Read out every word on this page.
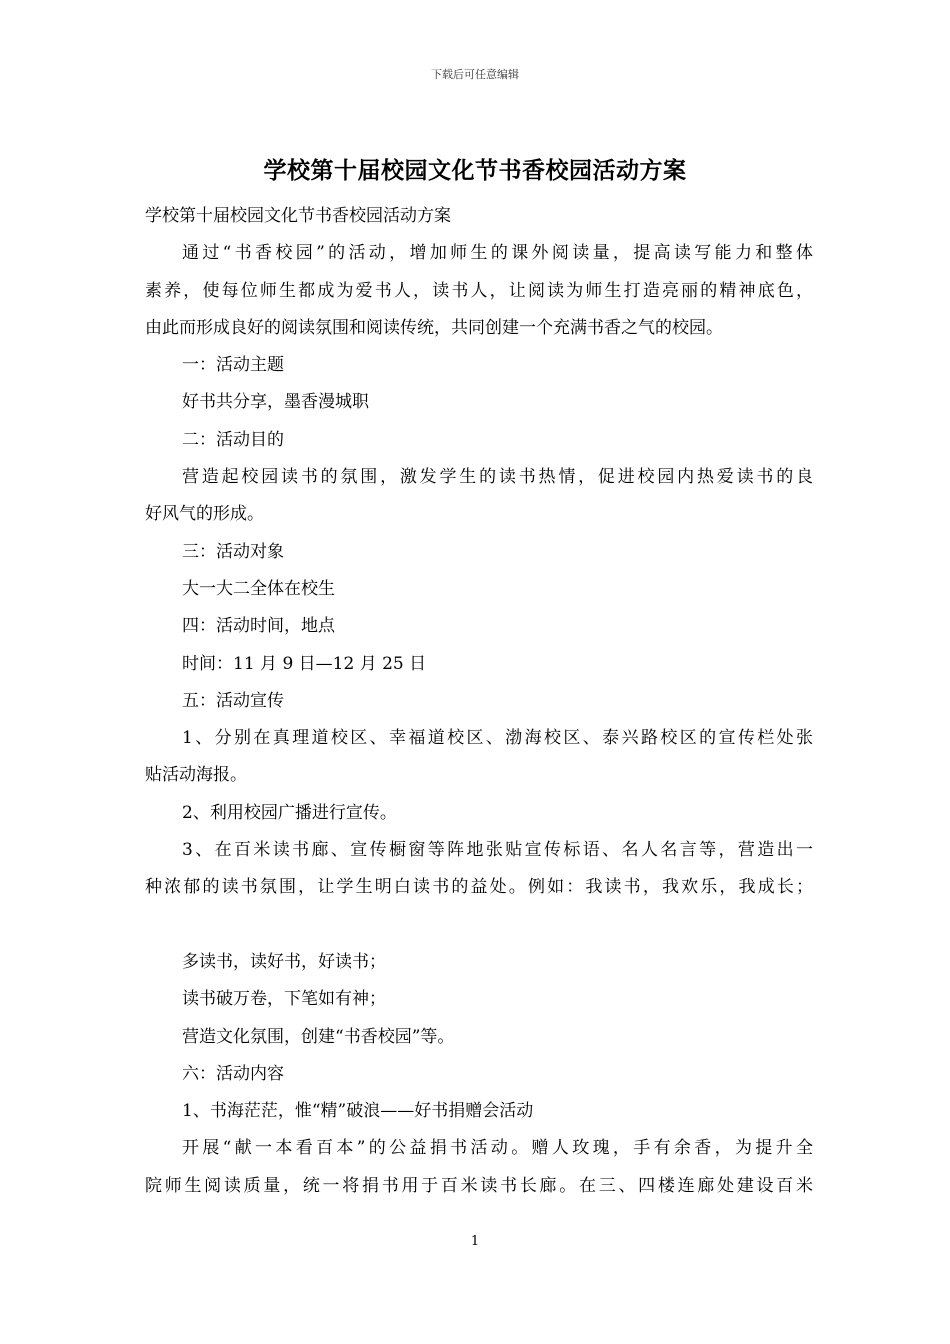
下载后可任意编辑
学校第十届校园文化节书香校园活动方案
学校第十届校园文化节书香校园活动方案
通过“书香校园”的活动，增加师生的课外阅读量，提高读写能力和整体
素养，使每位师生都成为爱书人，读书人，让阅读为师生打造亮丽的精神底色，
由此而形成良好的阅读氛围和阅读传统，共同创建一个充满书香之气的校园。
一：活动主题
好书共分享，墨香漫城职
二：活动目的
营造起校园读书的氛围，激发学生的读书热情，促进校园内热爱读书的良
好风气的形成。
三：活动对象
大一大二全体在校生
四：活动时间，地点
时间：11 月 9 日—12 月 25 日
五：活动宣传
1、分别在真理道校区、幸福道校区、渤海校区、泰兴路校区的宣传栏处张
贴活动海报。
2、利用校园广播进行宣传。
3、在百米读书廊、宣传橱窗等阵地张贴宣传标语、名人名言等，营造出一
种浓郁的读书氛围，让学生明白读书的益处。例如：我读书，我欢乐，我成长；
多读书，读好书，好读书；
读书破万卷，下笔如有神；
营造文化氛围，创建“书香校园”等。
六：活动内容
1、书海茫茫，惟“精”破浪——好书捐赠会活动
开展“献一本看百本”的公益捐书活动。赠人玫瑰，手有余香，为提升全
院师生阅读质量，统一将捐书用于百米读书长廊。在三、四楼连廊处建设百米
1
